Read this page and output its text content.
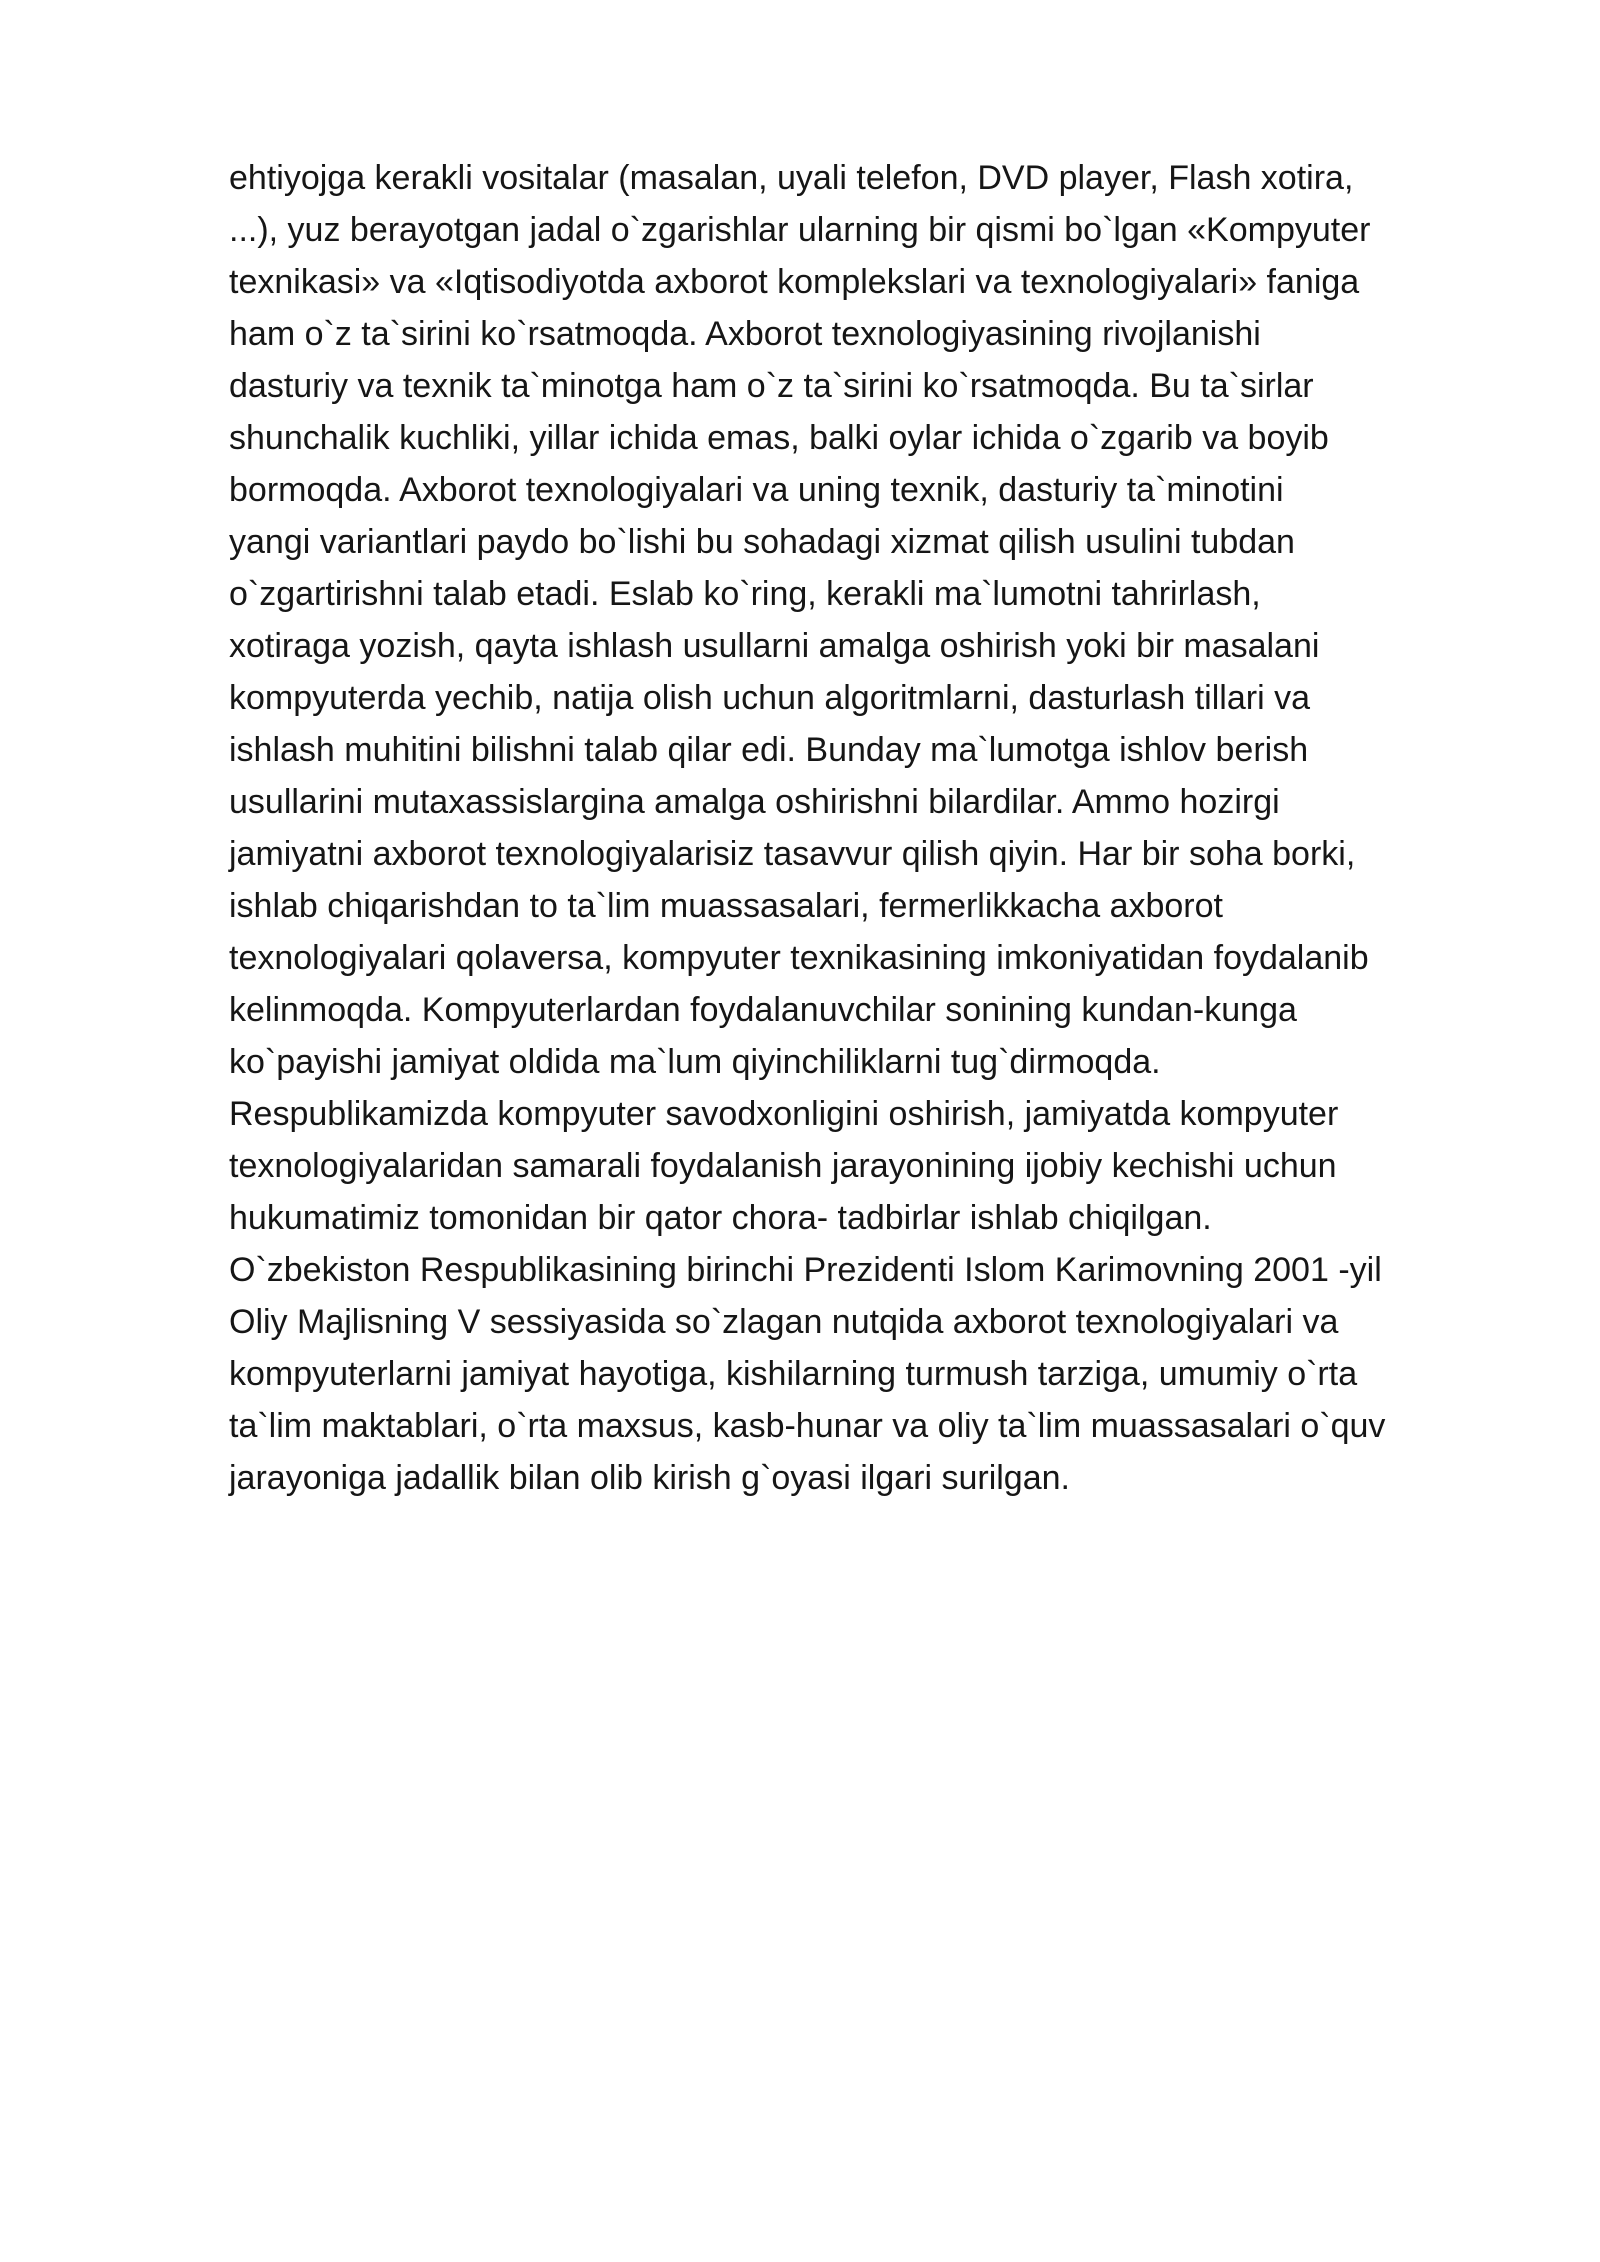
ehtiyojga kerakli vositalar (masalan, uyali telefon, DVD player, Flash xotira,
...), yuz berayotgan jadal o`zgarishlar ularning bir qismi bo`lgan «Kompyuter
texnikasi» va «Iqtisodiyotda axborot komplekslari va texnologiyalari» faniga
ham o`z ta`sirini ko`rsatmoqda. Axborot texnologiyasining rivojlanishi
dasturiy va texnik ta`minotga ham o`z ta`sirini ko`rsatmoqda. Bu ta`sirlar
shunchalik kuchliki, yillar ichida emas, balki oylar ichida o`zgarib va boyib
bormoqda. Axborot texnologiyalari va uning texnik, dasturiy ta`minotini
yangi variantlari paydo bo`lishi bu sohadagi xizmat qilish usulini tubdan
o`zgartirishni talab etadi. Eslab ko`ring, kerakli ma`lumotni tahrirlash,
xotiraga yozish, qayta ishlash usullarni amalga oshirish yoki bir masalani
kompyuterda yechib, natija olish uchun algoritmlarni, dasturlash tillari va
ishlash muhitini bilishni talab qilar edi. Bunday ma`lumotga ishlov berish
usullarini mutaxassislargina amalga oshirishni bilardilar. Ammo hozirgi
jamiyatni axborot texnologiyalarisiz tasavvur qilish qiyin. Har bir soha borki,
ishlab chiqarishdan to ta`lim muassasalari, fermerlikkacha axborot
texnologiyalari qolaversa, kompyuter texnikasining imkoniyatidan foydalanib
kelinmoqda. Kompyuterlardan foydalanuvchilar sonining kundan-kunga
ko`payishi jamiyat oldida ma`lum qiyinchiliklarni tug`dirmoqda.
Respublikamizda kompyuter savodxonligini oshirish, jamiyatda kompyuter
texnologiyalaridan samarali foydalanish jarayonining ijobiy kechishi uchun
hukumatimiz tomonidan bir qator chora- tadbirlar ishlab chiqilgan.
O`zbekiston Respublikasining birinchi Prezidenti Islom Karimovning 2001 -yil
Oliy Majlisning V sessiyasida so`zlagan nutqida axborot texnologiyalari va
kompyuterlarni jamiyat hayotiga, kishilarning turmush tarziga, umumiy o`rta
ta`lim maktablari, o`rta maxsus, kasb-hunar va oliy ta`lim muassasalari o`quv
jarayoniga jadallik bilan olib kirish g`oyasi ilgari surilgan.
